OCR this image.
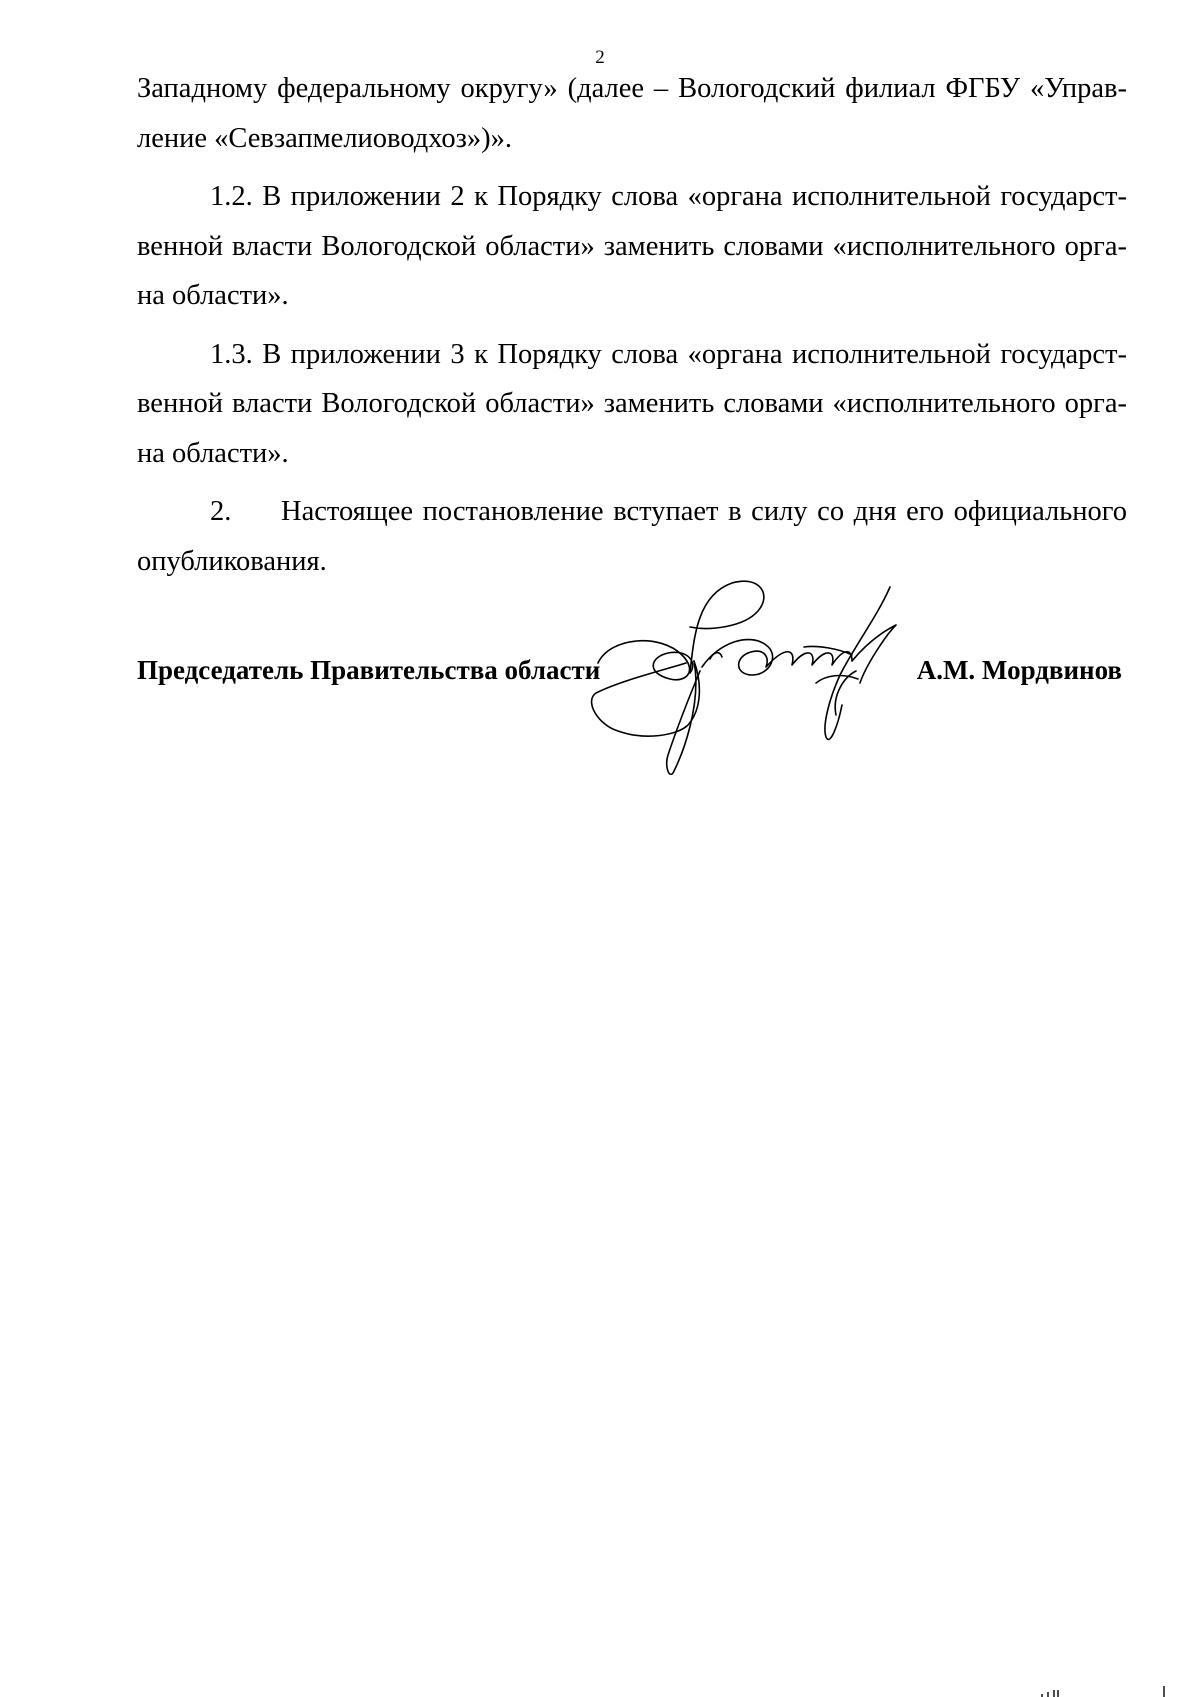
2

Западному федеральному округу» (далее – Вологодский филиал ФГБУ «Управ-

ление «Севзапмелиоводхоз»)».

1.2. В приложении 2 к Порядку слова «органа исполнительной государст-венной власти Вологодской области» заменить словами «исполнительного орга-на области».

1.3. В приложении 3 к Порядку слова «органа исполнительной государст-венной власти Вологодской области» заменить словами «исполнительного орга-на области».

2.	Настоящее постановление вступает в силу со дня его официального

опубликования.

Председатель Правительства области	А.М. Мордвинов
